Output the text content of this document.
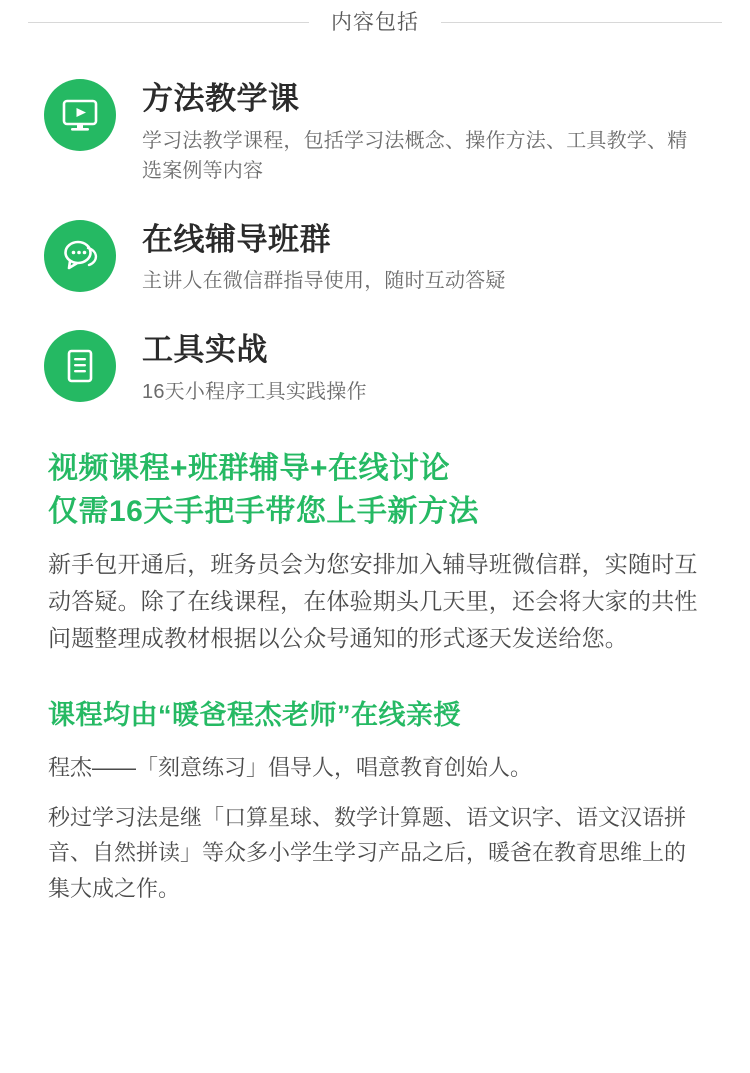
内容包括
方法教学课
学习法教学课程，包括学习法概念、操作方法、工具教学、精选案例等内容
在线辅导班群
主讲人在微信群指导使用，随时互动答疑
工具实战
16天小程序工具实践操作
视频课程+班群辅导+在线讨论
仅需16天手把手带您上手新方法
新手包开通后，班务员会为您安排加入辅导班微信群，实随时互动答疑。除了在线课程，在体验期头几天里，还会将大家的共性问题整理成教材根据以公众号通知的形式逐天发送给您。
课程均由“暖爸程杰老师”在线亲授
程杰——「刻意练习」倡导人，唱意教育创始人。
秒过学习法是继「口算星球、数学计算题、语文识字、语文汉语拼音、自然拼读」等众多小学生学习产品之后，暖爸在教育思维上的集大成之作。
